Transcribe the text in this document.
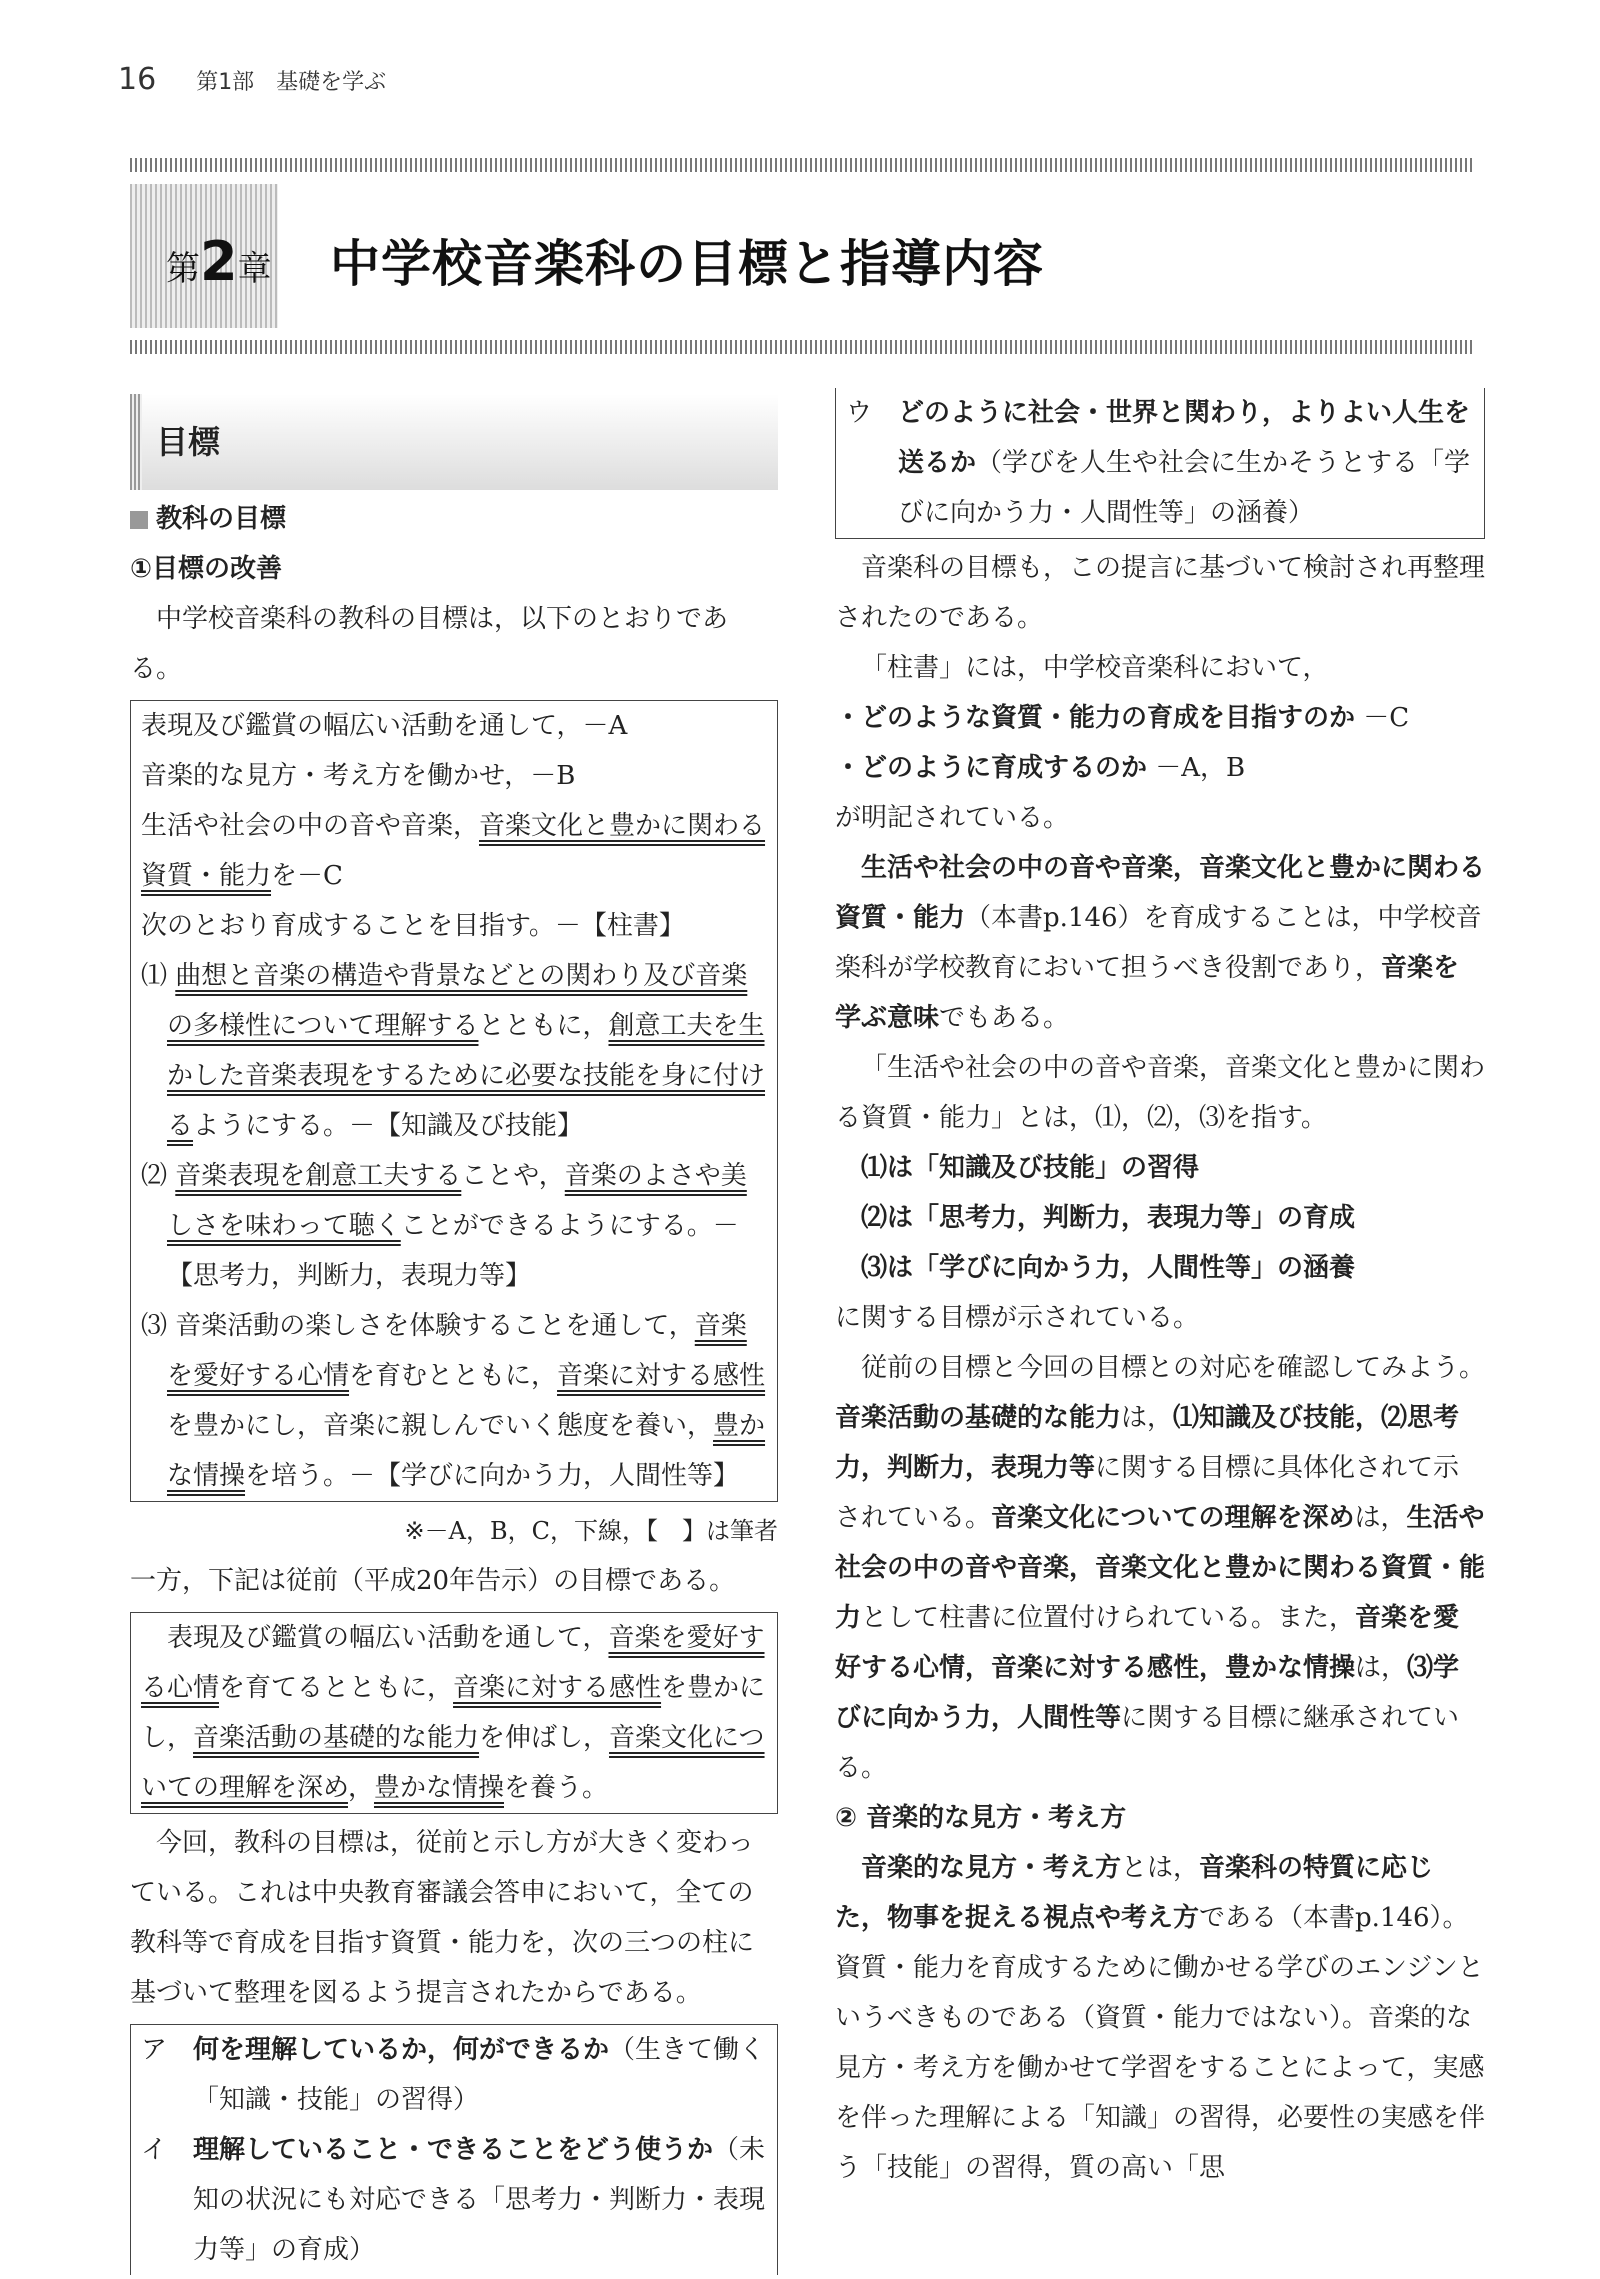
16 第1部　基礎を学ぶ
第2章 中学校音楽科の目標と指導内容
目標
教科の目標
①目標の改善

中学校音楽科の教科の目標は，以下のとおりである。

表現及び鑑賞の幅広い活動を通して，－A

音楽的な見方・考え方を働かせ，－B

生活や社会の中の音や音楽，音楽文化と豊かに関わる資質・能力を－C

次のとおり育成することを目指す。－【柱書】

⑴ 曲想と音楽の構造や背景などとの関わり及び音楽の多様性について理解するとともに，創意工夫を生かした音楽表現をするために必要な技能を身に付けるようにする。－【知識及び技能】

⑵ 音楽表現を創意工夫することや，音楽のよさや美しさを味わって聴くことができるようにする。－【思考力，判断力，表現力等】

⑶ 音楽活動の楽しさを体験することを通して，音楽を愛好する心情を育むとともに，音楽に対する感性を豊かにし，音楽に親しんでいく態度を養い，豊かな情操を培う。－【学びに向かう力，人間性等】

※－A，B，C，下線，【　】は筆者

一方，下記は従前（平成20年告示）の目標である。

表現及び鑑賞の幅広い活動を通して，音楽を愛好する心情を育てるとともに，音楽に対する感性を豊かにし，音楽活動の基礎的な能力を伸ばし，音楽文化についての理解を深め，豊かな情操を養う。

今回，教科の目標は，従前と示し方が大きく変わっている。これは中央教育審議会答申において，全ての教科等で育成を目指す資質・能力を，次の三つの柱に基づいて整理を図るよう提言されたからである。

ア　 何を理解しているか，何ができるか（生きて働く「知識・技能」の習得）

イ　 理解していること・できることをどう使うか（未知の状況にも対応できる「思考力・判断力・表現力等」の育成）

ウ　 どのように社会・世界と関わり，よりよい人生を送るか（学びを人生や社会に生かそうとする「学びに向かう力・人間性等」の涵養）

音楽科の目標も，この提言に基づいて検討され再整理されたのである。

「柱書」には，中学校音楽科において，

・どのような資質・能力の育成を目指すのか －C

・どのように育成するのか －A，B

が明記されている。

生活や社会の中の音や音楽，音楽文化と豊かに関わる資質・能力（本書p.146）を育成することは，中学校音楽科が学校教育において担うべき役割であり，音楽を学ぶ意味でもある。

「生活や社会の中の音や音楽，音楽文化と豊かに関わる資質・能力」とは，⑴，⑵，⑶を指す。

⑴は「知識及び技能」の習得

⑵は「思考力，判断力，表現力等」の育成

⑶は「学びに向かう力，人間性等」の涵養

に関する目標が示されている。

従前の目標と今回の目標との対応を確認してみよう。音楽活動の基礎的な能力は，⑴知識及び技能，⑵思考力，判断力，表現力等に関する目標に具体化されて示されている。音楽文化についての理解を深めは，生活や社会の中の音や音楽，音楽文化と豊かに関わる資質・能力として柱書に位置付けられている。また，音楽を愛好する心情，音楽に対する感性，豊かな情操は，⑶学びに向かう力，人間性等に関する目標に継承されている。

② 音楽的な見方・考え方

音楽的な見方・考え方とは，音楽科の特質に応じた，物事を捉える視点や考え方である（本書p.146）。資質・能力を育成するために働かせる学びのエンジンというべきものである（資質・能力ではない）。音楽的な見方・考え方を働かせて学習をすることによって，実感を伴った理解による「知識」の習得，必要性の実感を伴う「技能」の習得，質の高い「思
